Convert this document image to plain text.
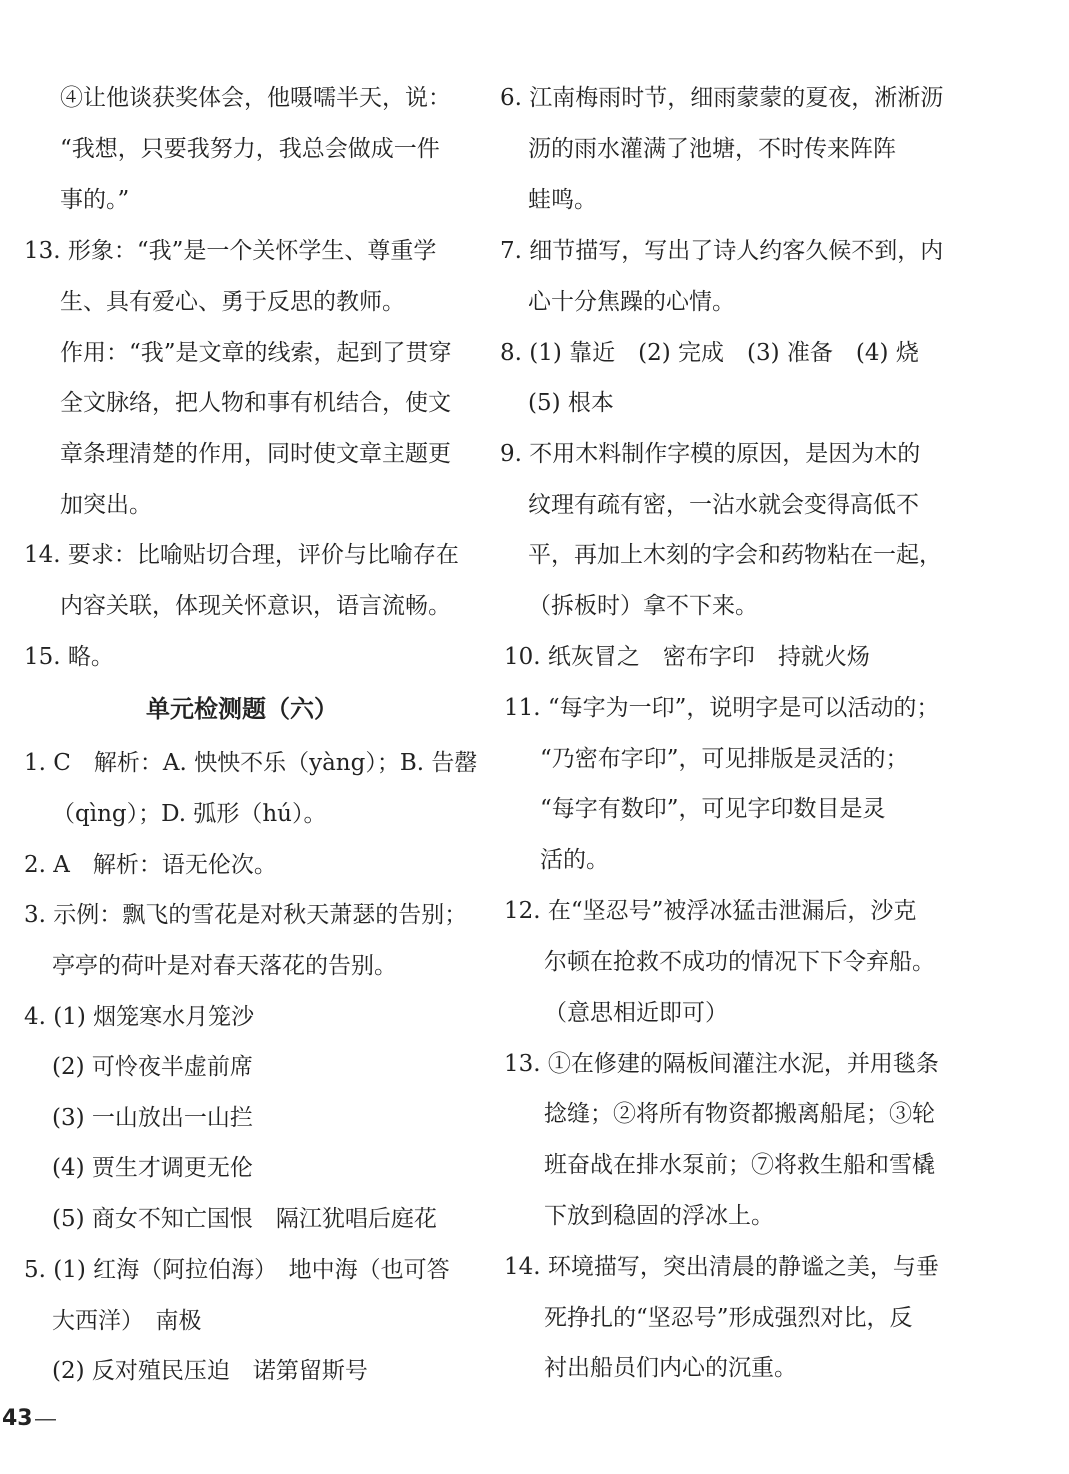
④让他谈获奖体会，他嗫嚅半天，说：
“我想，只要我努力，我总会做成一件
事的。”
13. 形象：“我”是一个关怀学生、尊重学
生、具有爱心、勇于反思的教师。
作用：“我”是文章的线索，起到了贯穿
全文脉络，把人物和事有机结合，使文
章条理清楚的作用，同时使文章主题更
加突出。
14. 要求：比喻贴切合理，评价与比喻存在
内容关联，体现关怀意识，语言流畅。
15. 略。
单元检测题（六）
1. C　解析：A. 怏怏不乐（yàng）；B. 告罄
（qìng）；D. 弧形（hú）。
2. A　解析：语无伦次。
3. 示例：飘飞的雪花是对秋天萧瑟的告别；
亭亭的荷叶是对春天落花的告别。
4. (1) 烟笼寒水月笼沙
(2) 可怜夜半虚前席
(3) 一山放出一山拦
(4) 贾生才调更无伦
(5) 商女不知亡国恨　隔江犹唱后庭花
5. (1) 红海（阿拉伯海）　地中海（也可答
大西洋）　南极
(2) 反对殖民压迫　诺第留斯号
6. 江南梅雨时节，细雨蒙蒙的夏夜，淅淅沥
沥的雨水灌满了池塘，不时传来阵阵
蛙鸣。
7. 细节描写，写出了诗人约客久候不到，内
心十分焦躁的心情。
8. (1) 靠近　(2) 完成　(3) 准备　(4) 烧
(5) 根本
9. 不用木料制作字模的原因，是因为木的
纹理有疏有密，一沾水就会变得高低不
平，再加上木刻的字会和药物粘在一起，
（拆板时）拿不下来。
10. 纸灰冒之　密布字印　持就火炀
11. “每字为一印”，说明字是可以活动的；
“乃密布字印”，可见排版是灵活的；
“每字有数印”，可见字印数目是灵
活的。
12. 在“坚忍号”被浮冰猛击泄漏后，沙克
尔顿在抢救不成功的情况下下令弃船。
（意思相近即可）
13. ①在修建的隔板间灌注水泥，并用毯条
捻缝；②将所有物资都搬离船尾；③轮
班奋战在排水泵前；⑦将救生船和雪橇
下放到稳固的浮冰上。
14. 环境描写，突出清晨的静谧之美，与垂
死挣扎的“坚忍号”形成强烈对比，反
衬出船员们内心的沉重。
43 —
